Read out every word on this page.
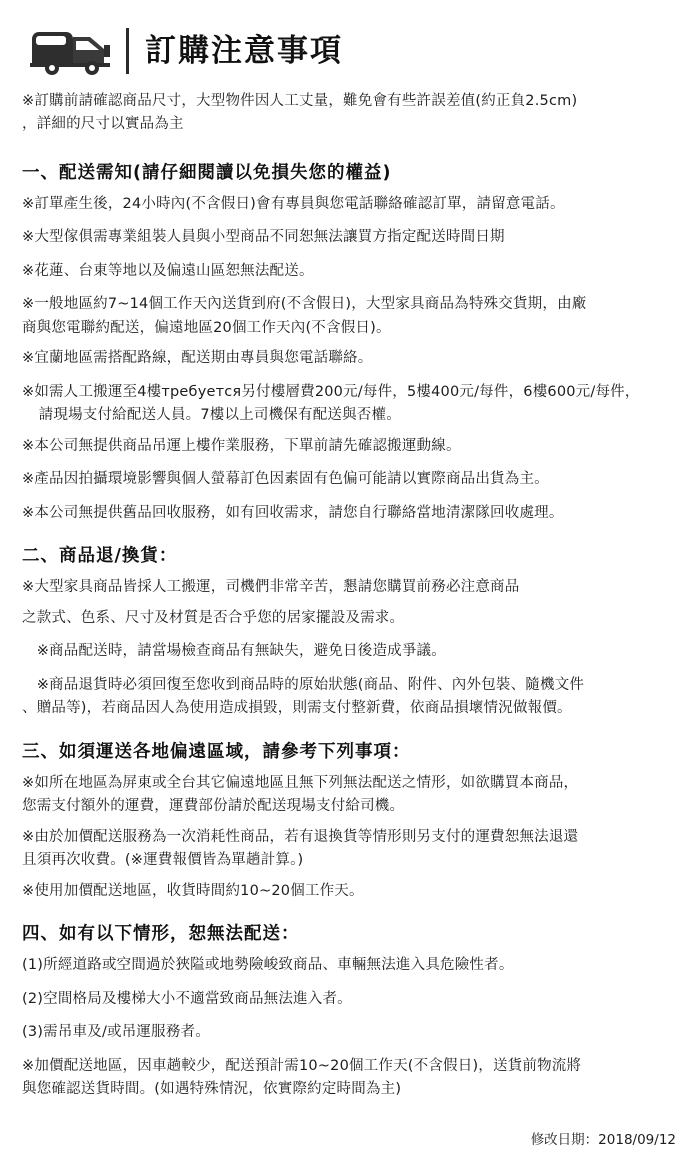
訂購注意事項

※訂購前請確認商品尺寸，大型物件因人工丈量，難免會有些許誤差值(約正負2.5cm)
，詳細的尺寸以實品為主

一、配送需知(請仔細閱讀以免損失您的權益)

※訂單產生後，24小時內(不含假日)會有專員與您電話聯絡確認訂單，請留意電話。

※大型傢俱需專業組裝人員與小型商品不同恕無法讓買方指定配送時間日期

※花蓮、台東等地以及偏遠山區恕無法配送。

※一般地區約7~14個工作天內送貨到府(不含假日)，大型家具商品為特殊交貨期，由廠
商與您電聯約配送，偏遠地區20個工作天內(不含假日)。

※宜蘭地區需搭配路線，配送期由專員與您電話聯絡。

※如需人工搬運至4樓требуется另付樓層費200元/每件，5樓400元/每件，6樓600元/每件，
請現場支付給配送人員。7樓以上司機保有配送與否權。

※本公司無提供商品吊運上樓作業服務，下單前請先確認搬運動線。

※產品因拍攝環境影響與個人螢幕訂色因素固有色偏可能請以實際商品出貨為主。

※本公司無提供舊品回收服務，如有回收需求，請您自行聯絡當地清潔隊回收處理。

二、商品退/換貨：

※大型家具商品皆採人工搬運，司機們非常辛苦，懇請您購買前務必注意商品

之款式、色系、尺寸及材質是否合乎您的居家擺設及需求。

　※商品配送時，請當場檢查商品有無缺失，避免日後造成爭議。

　※商品退貨時必須回復至您收到商品時的原始狀態(商品、附件、內外包裝、隨機文件
、贈品等)，若商品因人為使用造成損毀，則需支付整新費，依商品損壞情況做報價。

三、如須運送各地偏遠區域，請參考下列事項：

※如所在地區為屏東或全台其它偏遠地區且無下列無法配送之情形，如欲購買本商品，
您需支付額外的運費，運費部份請於配送現場支付給司機。

※由於加價配送服務為一次消耗性商品，若有退換貨等情形則另支付的運費恕無法退還
且須再次收費。(※運費報價皆為單趟計算。)

※使用加價配送地區，收貨時間約10~20個工作天。

四、如有以下情形，恕無法配送：

(1)所經道路或空間過於狹隘或地勢險峻致商品、車輛無法進入具危險性者。

(2)空間格局及樓梯大小不適當致商品無法進入者。

(3)需吊車及/或吊運服務者。

※加價配送地區，因車趟較少，配送預計需10~20個工作天(不含假日)，送貨前物流將
與您確認送貨時間。(如遇特殊情況，依實際約定時間為主)

修改日期：2018/09/12
